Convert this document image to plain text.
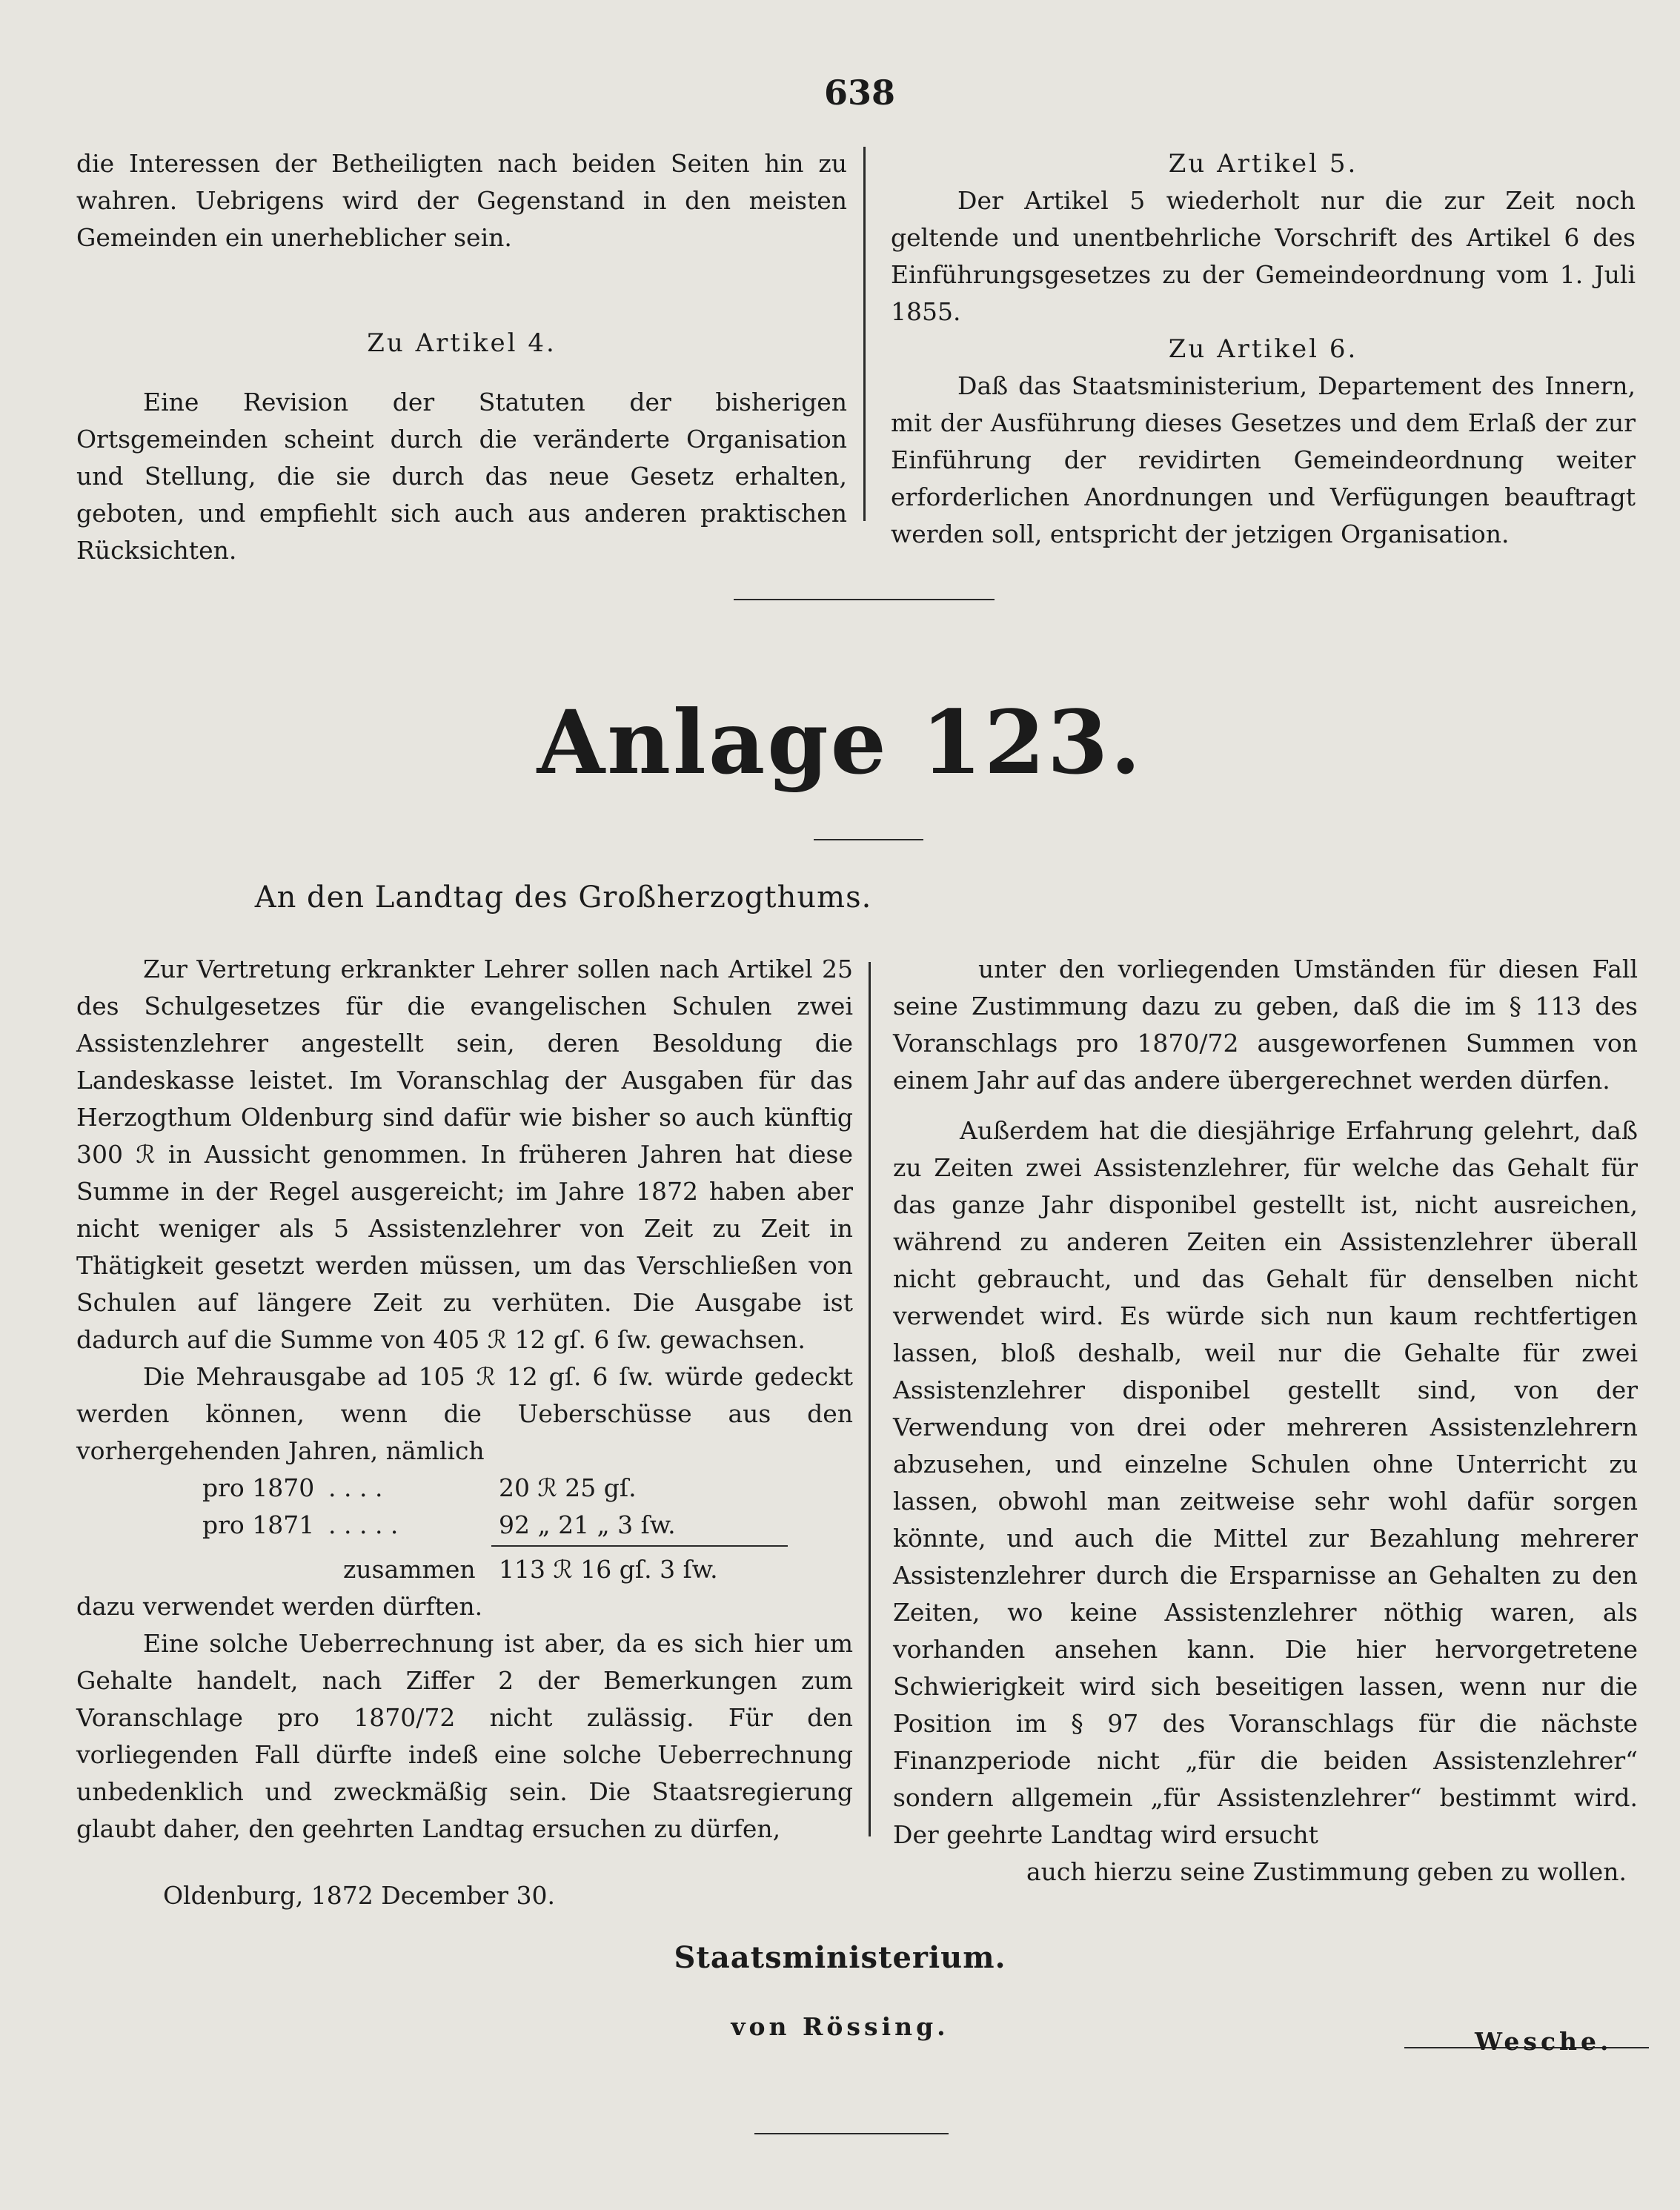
638

die Interessen der Betheiligten nach beiden Seiten hin zu wahren. Uebrigens wird der Gegenstand in den meisten Gemeinden ein unerheblicher sein.

Zu Artikel 4.

Eine Revision der Statuten der bisherigen Ortsgemeinden scheint durch die veränderte Organisation und Stellung, die sie durch das neue Gesetz erhalten, geboten, und empfiehlt sich auch aus anderen praktischen Rücksichten.

Zu Artikel 5.

Der Artikel 5 wiederholt nur die zur Zeit noch geltende und unentbehrliche Vorschrift des Artikel 6 des Einführungsgesetzes zu der Gemeindeordnung vom 1. Juli 1855.

Zu Artikel 6.

Daß das Staatsministerium, Departement des Innern, mit der Ausführung dieses Gesetzes und dem Erlaß der zur Einführung der revidirten Gemeindeordnung weiter erforderlichen Anordnungen und Verfügungen beauftragt werden soll, entspricht der jetzigen Organisation.

Anlage 123.
An den Landtag des Großherzogthums.

Zur Vertretung erkrankter Lehrer sollen nach Artikel 25 des Schulgesetzes für die evangelischen Schulen zwei Assistenzlehrer angestellt sein, deren Besoldung die Landeskasse leistet. Im Voranschlag der Ausgaben für das Herzogthum Oldenburg sind dafür wie bisher so auch künftig 300 ℛ in Aussicht genommen. In früheren Jahren hat diese Summe in der Regel ausgereicht; im Jahre 1872 haben aber nicht weniger als 5 Assistenzlehrer von Zeit zu Zeit in Thätigkeit gesetzt werden müssen, um das Verschließen von Schulen auf längere Zeit zu verhüten. Die Ausgabe ist dadurch auf die Summe von 405 ℛ 12 gſ. 6 ſw. gewachsen.

Die Mehrausgabe ad 105 ℛ 12 gſ. 6 ſw. würde gedeckt werden können, wenn die Ueberschüsse aus den vorhergehenden Jahren, nämlich

pro 1870 . . . .	20 ℛ 25 gſ.
pro 1871 . . . . .	92 „ 21 „ 3 ſw.
zusammen 113 ℛ 16 gſ. 3 ſw.

dazu verwendet werden dürften.

Eine solche Ueberrechnung ist aber, da es sich hier um Gehalte handelt, nach Ziffer 2 der Bemerkungen zum Voranschlage pro 1870/72 nicht zulässig. Für den vorliegenden Fall dürfte indeß eine solche Ueberrechnung unbedenklich und zweckmäßig sein. Die Staatsregierung glaubt daher, den geehrten Landtag ersuchen zu dürfen,

unter den vorliegenden Umständen für diesen Fall seine Zustimmung dazu zu geben, daß die im § 113 des Voranschlags pro 1870/72 ausgeworfenen Summen von einem Jahr auf das andere übergerechnet werden dürfen.

Außerdem hat die diesjährige Erfahrung gelehrt, daß zu Zeiten zwei Assistenzlehrer, für welche das Gehalt für das ganze Jahr disponibel gestellt ist, nicht ausreichen, während zu anderen Zeiten ein Assistenzlehrer überall nicht gebraucht, und das Gehalt für denselben nicht verwendet wird. Es würde sich nun kaum rechtfertigen lassen, bloß deshalb, weil nur die Gehalte für zwei Assistenzlehrer disponibel gestellt sind, von der Verwendung von drei oder mehreren Assistenzlehrern abzusehen, und einzelne Schulen ohne Unterricht zu lassen, obwohl man zeitweise sehr wohl dafür sorgen könnte, und auch die Mittel zur Bezahlung mehrerer Assistenzlehrer durch die Ersparnisse an Gehalten zu den Zeiten, wo keine Assistenzlehrer nöthig waren, als vorhanden ansehen kann. Die hier hervorgetretene Schwierigkeit wird sich beseitigen lassen, wenn nur die Position im § 97 des Voranschlags für die nächste Finanzperiode nicht „für die beiden Assistenzlehrer“ sondern allgemein „für Assistenzlehrer“ bestimmt wird. Der geehrte Landtag wird ersucht

auch hierzu seine Zustimmung geben zu wollen.

Oldenburg, 1872 December 30.
Staatsministerium.
von Rössing.
Wesche.
